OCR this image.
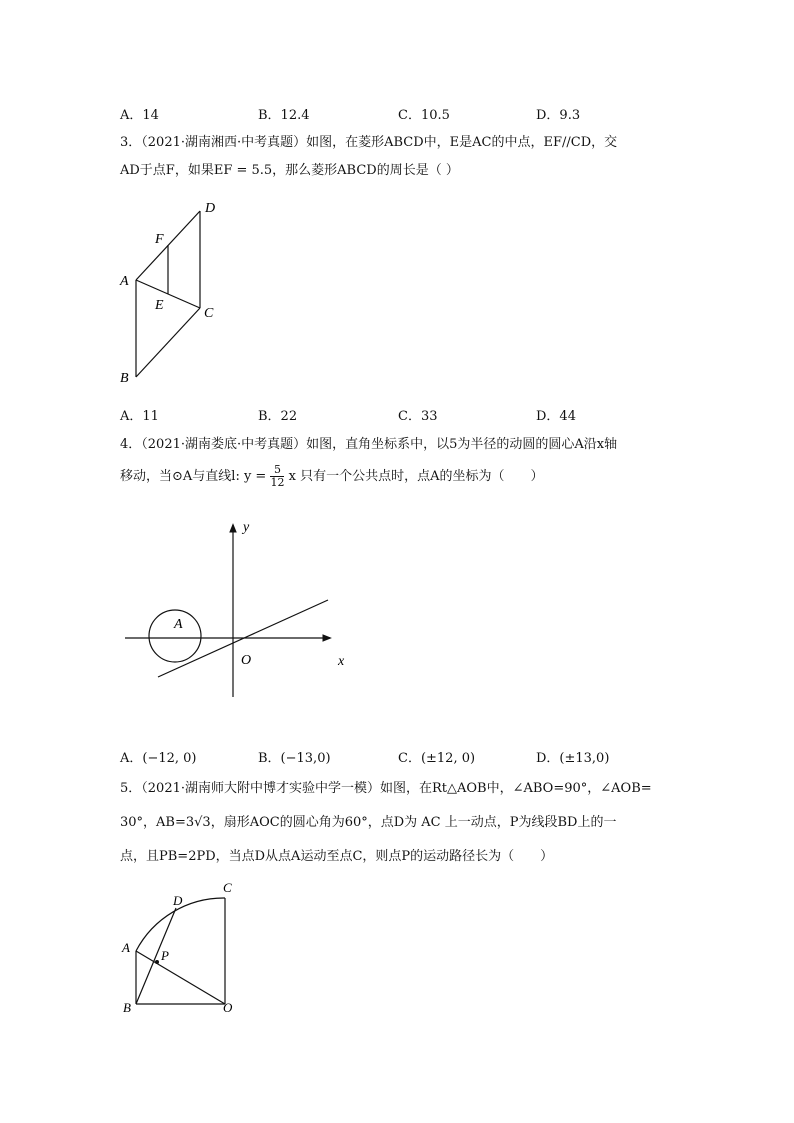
A．14	B．12.4	C．10.5	D．9.3
3．（2021·湖南湘西·中考真题）如图，在菱形ABCD中，E是AC的中点，EF//CD，交
AD于点F，如果EF = 5.5，那么菱形ABCD的周长是（ ）
D
F
A
E
C
B
A．11	B．22	C．33	D．44
4．（2021·湖南娄底·中考真题）如图，直角坐标系中，以5为半径的动圆的圆心A沿x轴
移动，当⊙A与直线l: $y = \frac{5}{12}$ x 只有一个公共点时，点A的坐标为（　　）
y
x
O
A
A．(−12, 0)	B．(−13,0)	C．(±12, 0)	D．(±13,0)
5．（2021·湖南师大附中博才实验中学一模）如图，在Rt△AOB中，∠ABO=90°，∠AOB=
30°，AB=3√3，扇形AOC的圆心角为60°，点D为 AC 上一动点，P为线段BD上的一
点，且PB=2PD，当点D从点A运动至点C，则点P的运动路径长为（　　）
D
C
A
P
B	O
